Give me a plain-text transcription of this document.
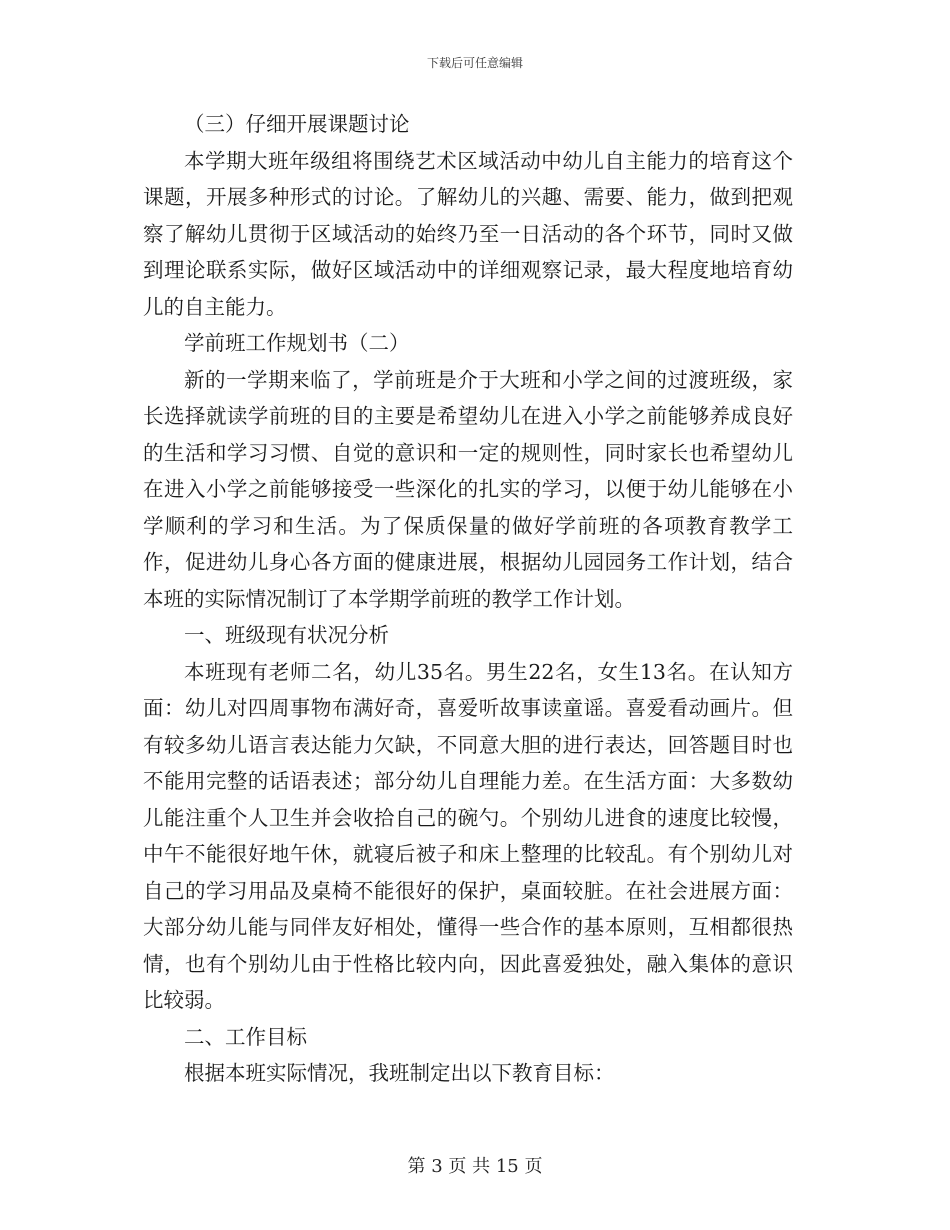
下载后可任意编辑

（三）仔细开展课题讨论

本学期大班年级组将围绕艺术区域活动中幼儿自主能力的培育这个课题，开展多种形式的讨论。了解幼儿的兴趣、需要、能力，做到把观察了解幼儿贯彻于区域活动的始终乃至一日活动的各个环节，同时又做到理论联系实际，做好区域活动中的详细观察记录，最大程度地培育幼儿的自主能力。

学前班工作规划书（二）

新的一学期来临了，学前班是介于大班和小学之间的过渡班级，家长选择就读学前班的目的主要是希望幼儿在进入小学之前能够养成良好的生活和学习习惯、自觉的意识和一定的规则性，同时家长也希望幼儿在进入小学之前能够接受一些深化的扎实的学习，以便于幼儿能够在小学顺利的学习和生活。为了保质保量的做好学前班的各项教育教学工作，促进幼儿身心各方面的健康进展，根据幼儿园园务工作计划，结合本班的实际情况制订了本学期学前班的教学工作计划。

一、班级现有状况分析

本班现有老师二名，幼儿35名。男生22名，女生13名。在认知方面：幼儿对四周事物布满好奇，喜爱听故事读童谣。喜爱看动画片。但有较多幼儿语言表达能力欠缺，不同意大胆的进行表达，回答题目时也不能用完整的话语表述；部分幼儿自理能力差。在生活方面：大多数幼儿能注重个人卫生并会收拾自己的碗勺。个别幼儿进食的速度比较慢，中午不能很好地午休，就寝后被子和床上整理的比较乱。有个别幼儿对自己的学习用品及桌椅不能很好的保护，桌面较脏。在社会进展方面：大部分幼儿能与同伴友好相处，懂得一些合作的基本原则，互相都很热情，也有个别幼儿由于性格比较内向，因此喜爱独处，融入集体的意识比较弱。

二、工作目标

根据本班实际情况，我班制定出以下教育目标：

第 3 页 共 15 页
